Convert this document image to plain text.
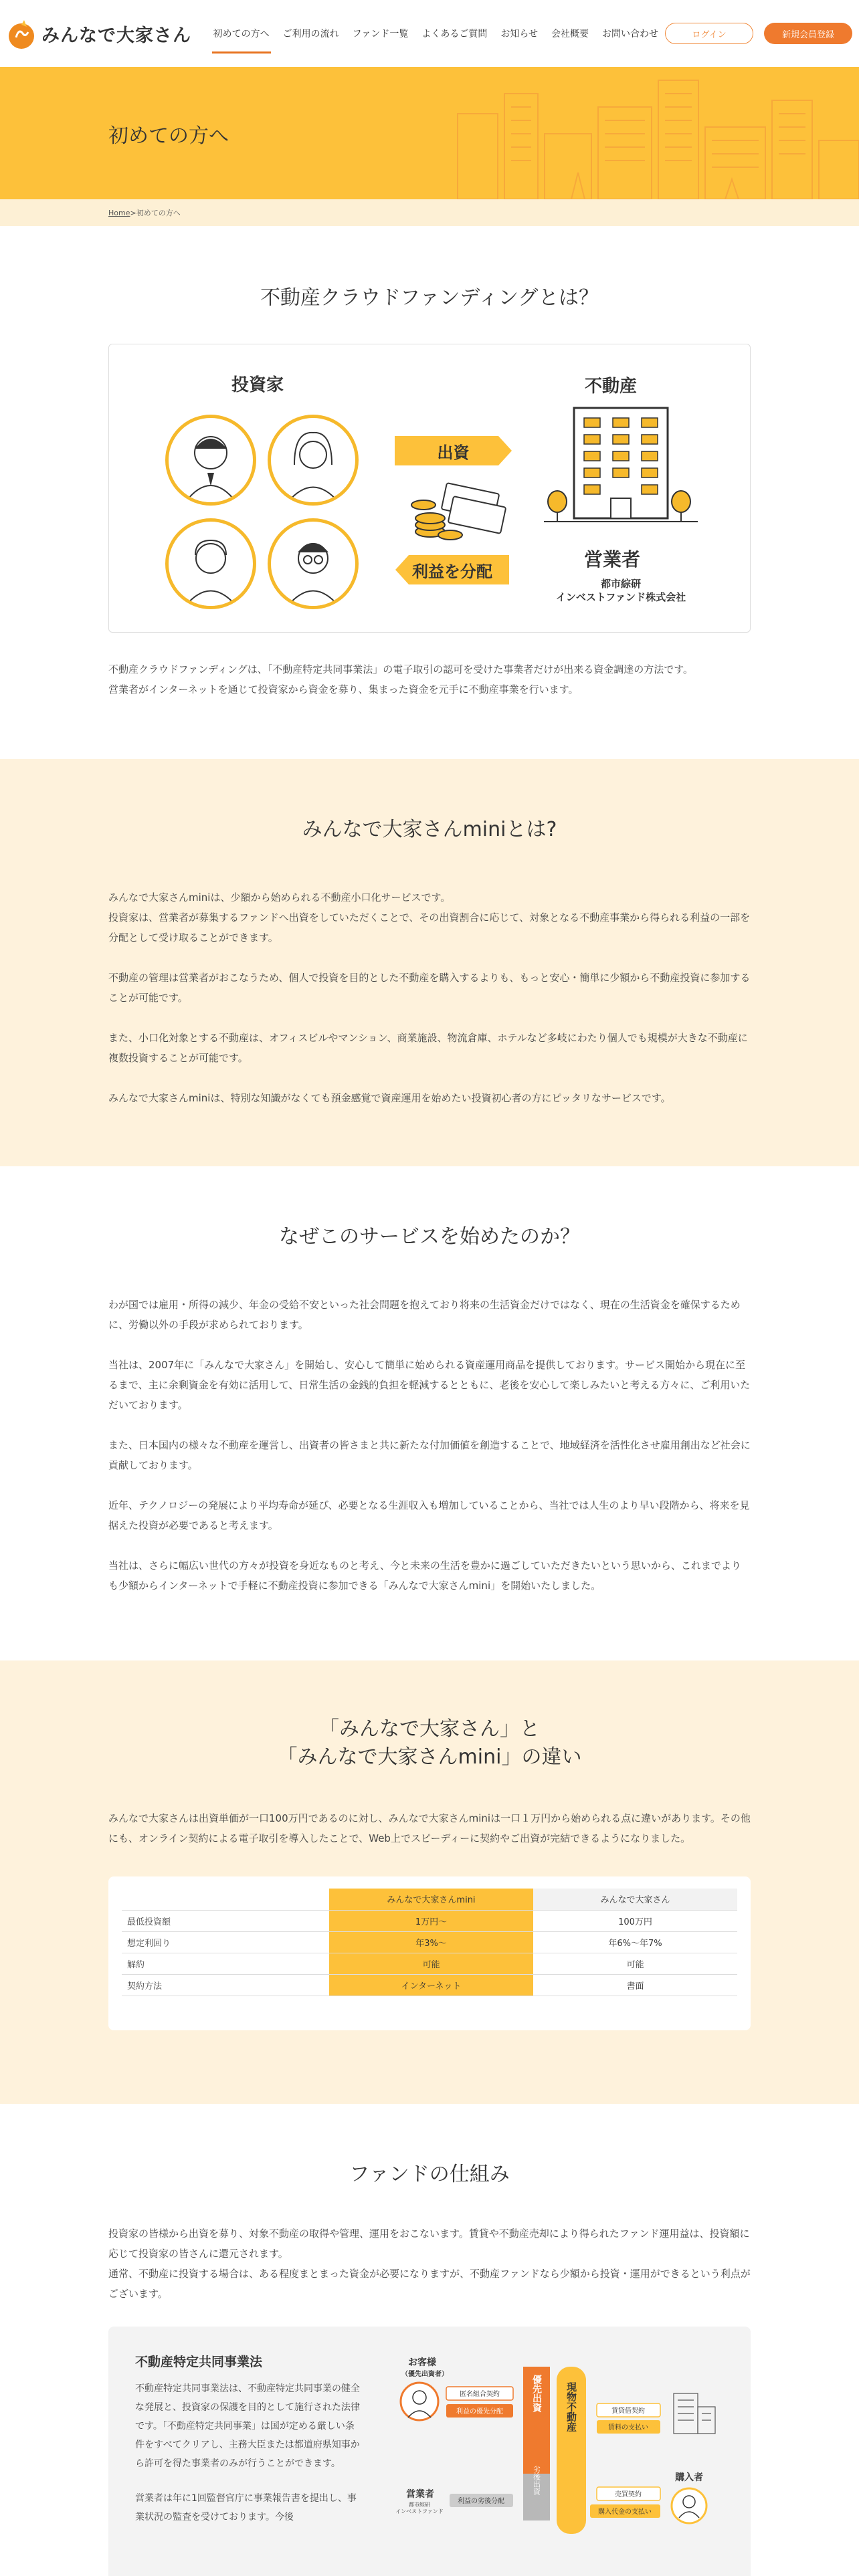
みんなで大家さん	初めての方へ	ご利用の流れ	ファンド一覧	よくあるご質問	お知らせ	会社概要	お問い合わせ	ログイン	新規会員登録
初めての方へ
Home > 初めての方へ
不動産クラウドファンディングとは？
投資家
出資
利益を分配
不動産
営業者
都市綜研
インベストファンド株式会社

不動産クラウドファンディングは、「不動産特定共同事業法」の電子取引の認可を受けた事業者だけが出来る資金調達の方法です。
営業者がインターネットを通じて投資家から資金を募り、集まった資金を元手に不動産事業を行います。

みんなで大家さんminiとは?

みんなで大家さんminiは、少額から始められる不動産小口化サービスです。
投資家は、営業者が募集するファンドへ出資をしていただくことで、その出資割合に応じて、対象となる不動産事業から得られる利益の一部を分配として受け取ることができます。

不動産の管理は営業者がおこなうため、個人で投資を目的とした不動産を購入するよりも、もっと安心・簡単に少額から不動産投資に参加することが可能です。

また、小口化対象とする不動産は、オフィスビルやマンション、商業施設、物流倉庫、ホテルなど多岐にわたり個人でも規模が大きな不動産に複数投資することが可能です。

みんなで大家さんminiは、特別な知識がなくても預金感覚で資産運用を始めたい投資初心者の方にピッタリなサービスです。

なぜこのサービスを始めたのか？

わが国では雇用・所得の減少、年金の受給不安といった社会問題を抱えており将来の生活資金だけではなく、現在の生活資金を確保するために、労働以外の手段が求められております。

当社は、2007年に「みんなで大家さん」を開始し、安心して簡単に始められる資産運用商品を提供しております。サービス開始から現在に至るまで、主に余剰資金を有効に活用して、日常生活の金銭的負担を軽減するとともに、老後を安心して楽しみたいと考える方々に、ご利用いただいております。

また、日本国内の様々な不動産を運営し、出資者の皆さまと共に新たな付加価値を創造することで、地域経済を活性化させ雇用創出など社会に貢献しております。

近年、テクノロジーの発展により平均寿命が延び、必要となる生涯収入も増加していることから、当社では人生のより早い段階から、将来を見据えた投資が必要であると考えます。

当社は、さらに幅広い世代の方々が投資を身近なものと考え、今と未来の生活を豊かに過ごしていただきたいという思いから、これまでよりも少額からインターネットで手軽に不動産投資に参加できる「みんなで大家さんmini」を開始いたしました。

「みんなで大家さん」と
「みんなで大家さんmini」の違い

みんなで大家さんは出資単価が一口100万円であるのに対し、みんなで大家さんminiは一口１万円から始められる点に違いがあります。その他にも、オンライン契約による電子取引を導入したことで、Web上でスピーディーに契約やご出資が完結できるようになりました。

	みんなで大家さんmini	みんなで大家さん
最低投資額	1万円〜	100万円
想定利回り	年3%〜	年6%〜年7%
解約	可能	可能
契約方法	インターネット	書面
ファンドの仕組み

投資家の皆様から出資を募り、対象不動産の取得や管理、運用をおこないます。賃貸や不動産売却により得られたファンド運用益は、投資額に応じて投資家の皆さんに還元されます。
通常、不動産に投資する場合は、ある程度まとまった資金が必要になりますが、不動産ファンドなら少額から投資・運用ができるという利点がございます。

不動産特定共同事業法

不動産特定共同事業法は、不動産特定共同事業の健全な発展と、投資家の保護を目的として施行された法律です。「不動産特定共同事業」は国が定める厳しい条件をすべてクリアし、主務大臣または都道府県知事から許可を得た事業者のみが行うことができます。

営業者は年に1回監督官庁に事業報告書を提出し、事業状況の監査を受けております。今後

お客様
（優先出資者）
匿名組合契約
利益の優先分配	優先出資
劣後出資
現物不動産	賃貸借契約
賃料の支払い
売買契約
購入代金の支払い
購入者
営業者
都市綜研
インベストファンド
利益の劣後分配
